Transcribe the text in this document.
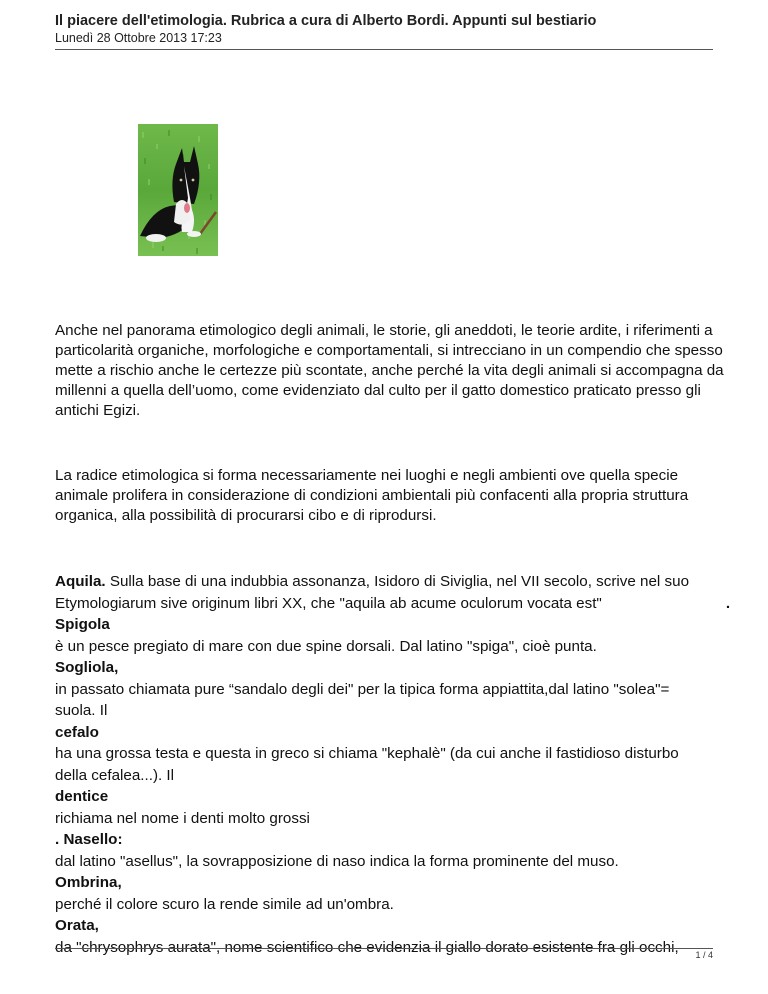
Il piacere dell'etimologia. Rubrica a cura di Alberto Bordi. Appunti sul bestiario
Lunedì 28 Ottobre 2013 17:23
Anche nel panorama etimologico degli animali, le storie, gli aneddoti, le teorie ardite, i riferimenti a particolarità organiche, morfologiche e comportamentali, si intrecciano in un compendio che spesso mette a rischio anche le certezze più scontate, anche perché la vita degli animali si accompagna da millenni a quella dell’uomo, come evidenziato dal culto per il gatto domestico praticato presso gli antichi Egizi.
La radice etimologica si forma necessariamente nei luoghi e negli ambienti ove quella specie animale prolifera in considerazione di condizioni ambientali più confacenti alla propria struttura organica, alla possibilità di procurarsi cibo e di riprodursi.
Aquila. Sulla base di una indubbia assonanza, Isidoro di Siviglia, nel VII secolo, scrive nel suo
Etymologiarum sive originum libri XX, che "aquila ab acume oculorum vocata est"	.
Spigola
è un pesce pregiato di mare con due spine dorsali. Dal latino "spiga", cioè punta.
Sogliola,
in passato chiamata pure “sandalo degli dei" per la tipica forma appiattita,dal latino "solea"=
suola. Il
cefalo
ha una grossa testa e questa in greco si chiama "kephalè" (da cui anche il fastidioso disturbo
della cefalea...). Il
dentice
richiama nel nome i denti molto grossi
. Nasello:
dal latino "asellus", la sovrapposizione di naso indica la forma prominente del muso.
Ombrina,
perché il colore scuro la rende simile ad un'ombra.
Orata,
da "chrysophrys aurata", nome scientifico che evidenzia il giallo dorato esistente fra gli occhi,	1 / 4
